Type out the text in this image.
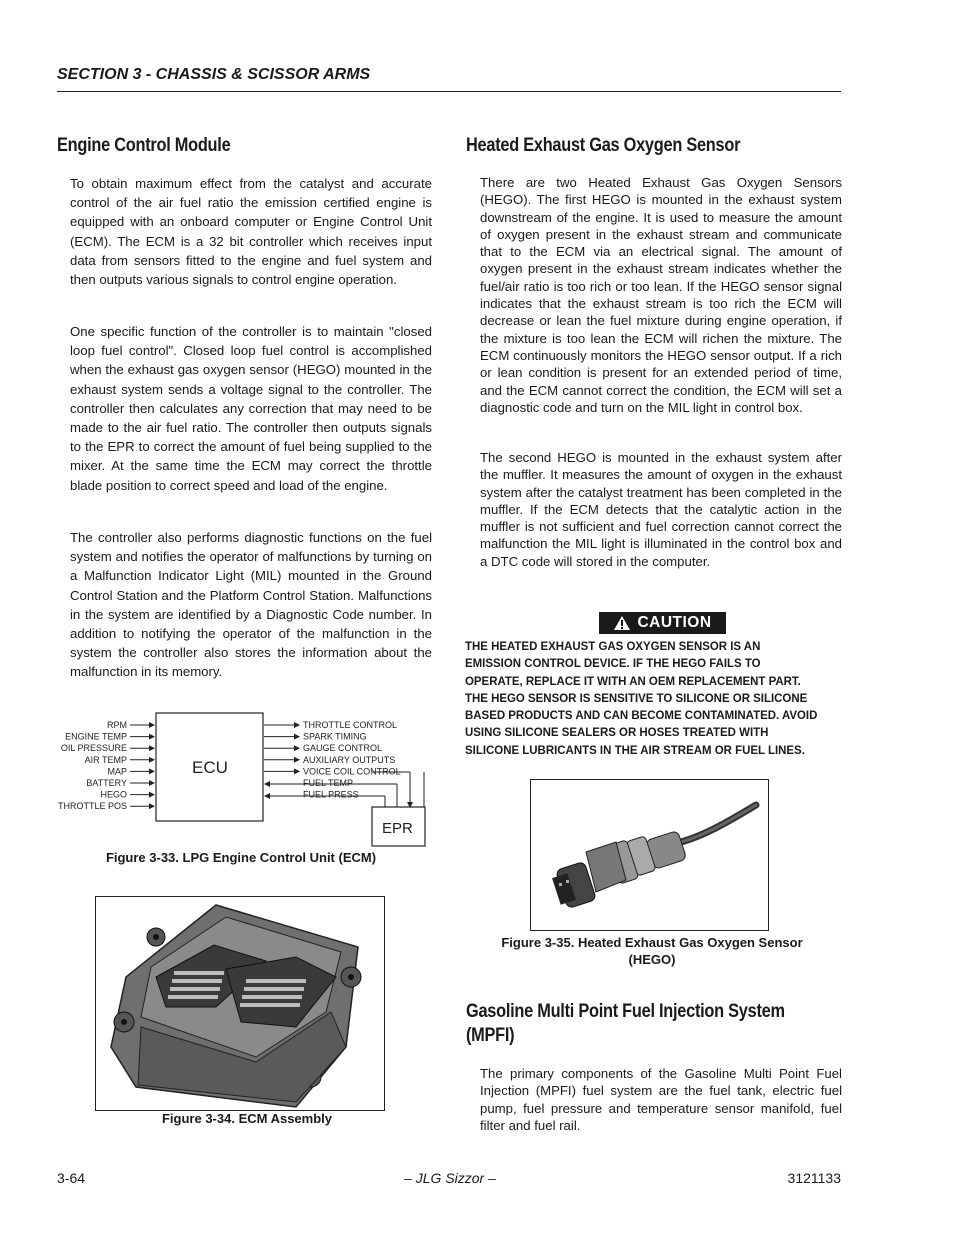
SECTION 3 - CHASSIS & SCISSOR ARMS
Engine Control Module
To obtain maximum effect from the catalyst and accurate control of the air fuel ratio the emission certified engine is equipped with an onboard computer or Engine Control Unit (ECM). The ECM is a 32 bit controller which receives input data from sensors fitted to the engine and fuel system and then outputs various signals to control engine operation.
One specific function of the controller is to maintain "closed loop fuel control". Closed loop fuel control is accomplished when the exhaust gas oxygen sensor (HEGO) mounted in the exhaust system sends a voltage signal to the controller. The controller then calculates any correction that may need to be made to the air fuel ratio. The controller then outputs signals to the EPR to correct the amount of fuel being supplied to the mixer. At the same time the ECM may correct the throttle blade position to correct speed and load of the engine.
The controller also performs diagnostic functions on the fuel system and notifies the operator of malfunctions by turning on a Malfunction Indicator Light (MIL) mounted in the Ground Control Station and the Platform Control Station. Malfunctions in the system are identified by a Diagnostic Code number. In addition to notifying the operator of the malfunction in the system the controller also stores the information about the malfunction in its memory.
ECU
RPM
ENGINE TEMP
OIL PRESSURE
AIR TEMP
MAP
BATTERY
HEGO
THROTTLE POS
THROTTLE CONTROL
SPARK TIMING
GAUGE CONTROL
AUXILIARY OUTPUTS
VOICE COIL CONTROL
FUEL TEMP
FUEL PRESS
EPR
Figure 3-33. LPG Engine Control Unit (ECM)
Figure 3-34. ECM Assembly
Heated Exhaust Gas Oxygen Sensor
There are two Heated Exhaust Gas Oxygen Sensors (HEGO). The first HEGO is mounted in the exhaust system downstream of the engine. It is used to measure the amount of oxygen present in the exhaust stream and communicate that to the ECM via an electrical signal. The amount of oxygen present in the exhaust stream indicates whether the fuel/air ratio is too rich or too lean. If the HEGO sensor signal indicates that the exhaust stream is too rich the ECM will decrease or lean the fuel mixture during engine operation, if the mixture is too lean the ECM will richen the mixture. The ECM continuously monitors the HEGO sensor output. If a rich or lean condition is present for an extended period of time, and the ECM cannot correct the condition, the ECM will set a diagnostic code and turn on the MIL light in control box.
The second HEGO is mounted in the exhaust system after the muffler. It measures the amount of oxygen in the exhaust system after the catalyst treatment has been completed in the muffler. If the ECM detects that the catalytic action in the muffler is not sufficient and fuel correction cannot correct the malfunction the MIL light is illuminated in the control box and a DTC code will stored in the computer.
CAUTION
THE HEATED EXHAUST GAS OXYGEN SENSOR IS AN EMISSION CONTROL DEVICE. IF THE HEGO FAILS TO OPERATE, REPLACE IT WITH AN OEM REPLACEMENT PART. THE HEGO SENSOR IS SENSITIVE TO SILICONE OR SILICONE BASED PRODUCTS AND CAN BECOME CONTAMINATED. AVOID USING SILICONE SEALERS OR HOSES TREATED WITH SILICONE LUBRICANTS IN THE AIR STREAM OR FUEL LINES.
Figure 3-35. Heated Exhaust Gas Oxygen Sensor
(HEGO)
Gasoline Multi Point Fuel Injection System
(MPFI)
The primary components of the Gasoline Multi Point Fuel Injection (MPFI) fuel system are the fuel tank, electric fuel pump, fuel pressure and temperature sensor manifold, fuel filter and fuel rail.
3-64	– JLG Sizzor –	3121133
